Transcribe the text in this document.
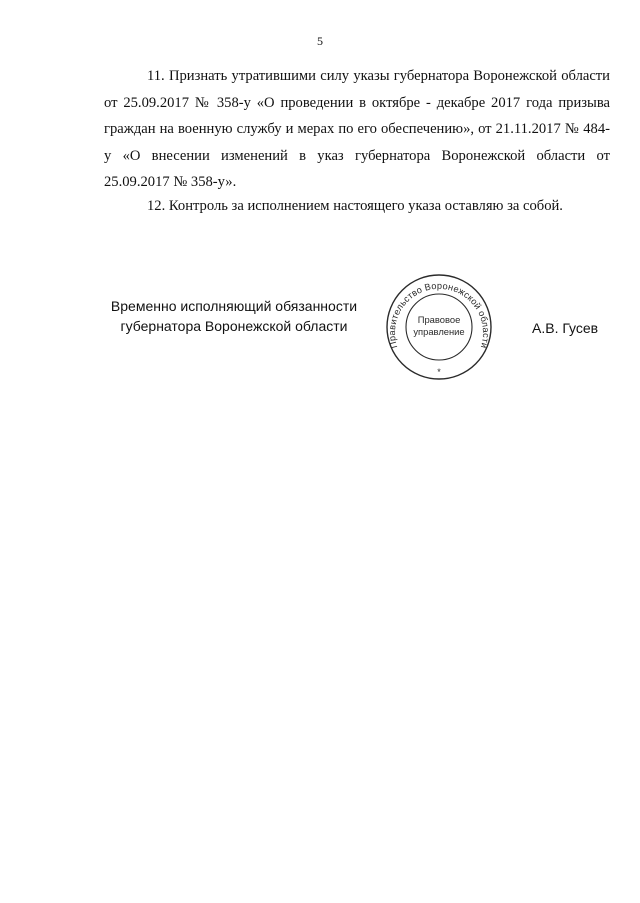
5

11. Признать утратившими силу указы губернатора Воронежской области от 25.09.2017 № 358-у «О проведении в октябре - декабре 2017 года призыва граждан на военную службу и мерах по его обеспечению», от 21.11.2017 № 484-у «О внесении изменений в указ губернатора Воронежской области от 25.09.2017 № 358-у».

12. Контроль за исполнением настоящего указа оставляю за собой.

Временно исполняющий обязанности
губернатора Воронежской области
Правительство Воронежской области
Правовое
управление
*
А.В. Гусев
